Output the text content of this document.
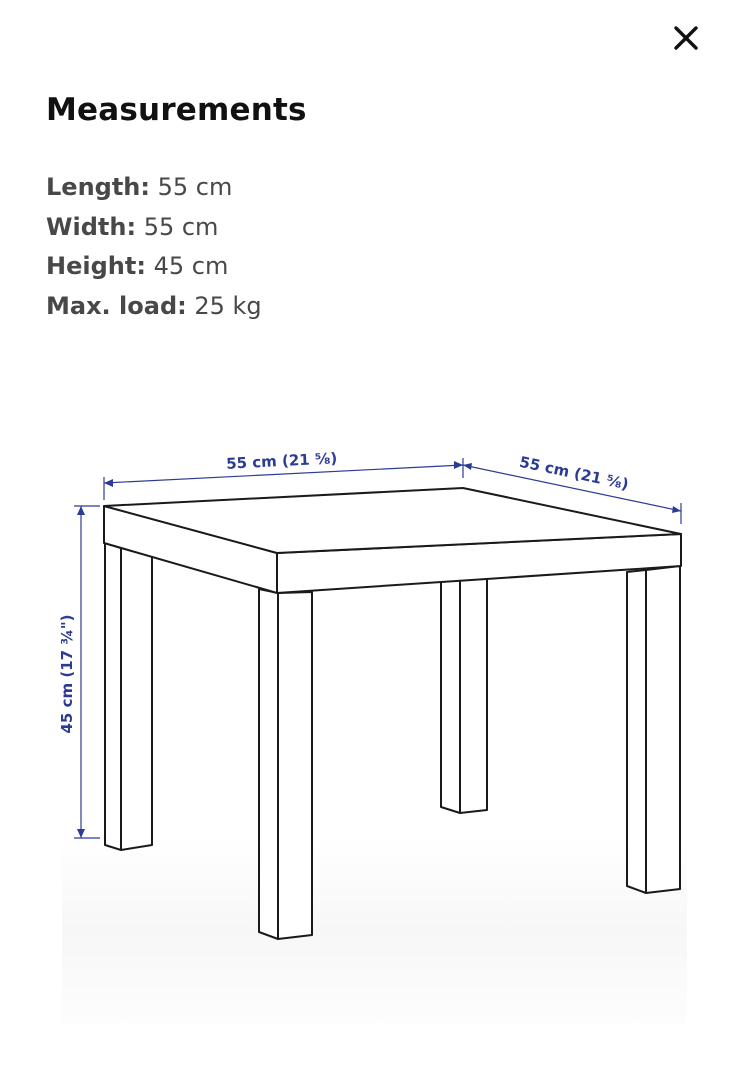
Measurements
Length: 55 cm
Width: 55 cm
Height: 45 cm
Max. load: 25 kg
55 cm (21 ⅝)	55 cm (21 ⅝)
45 cm (17 ¾")
